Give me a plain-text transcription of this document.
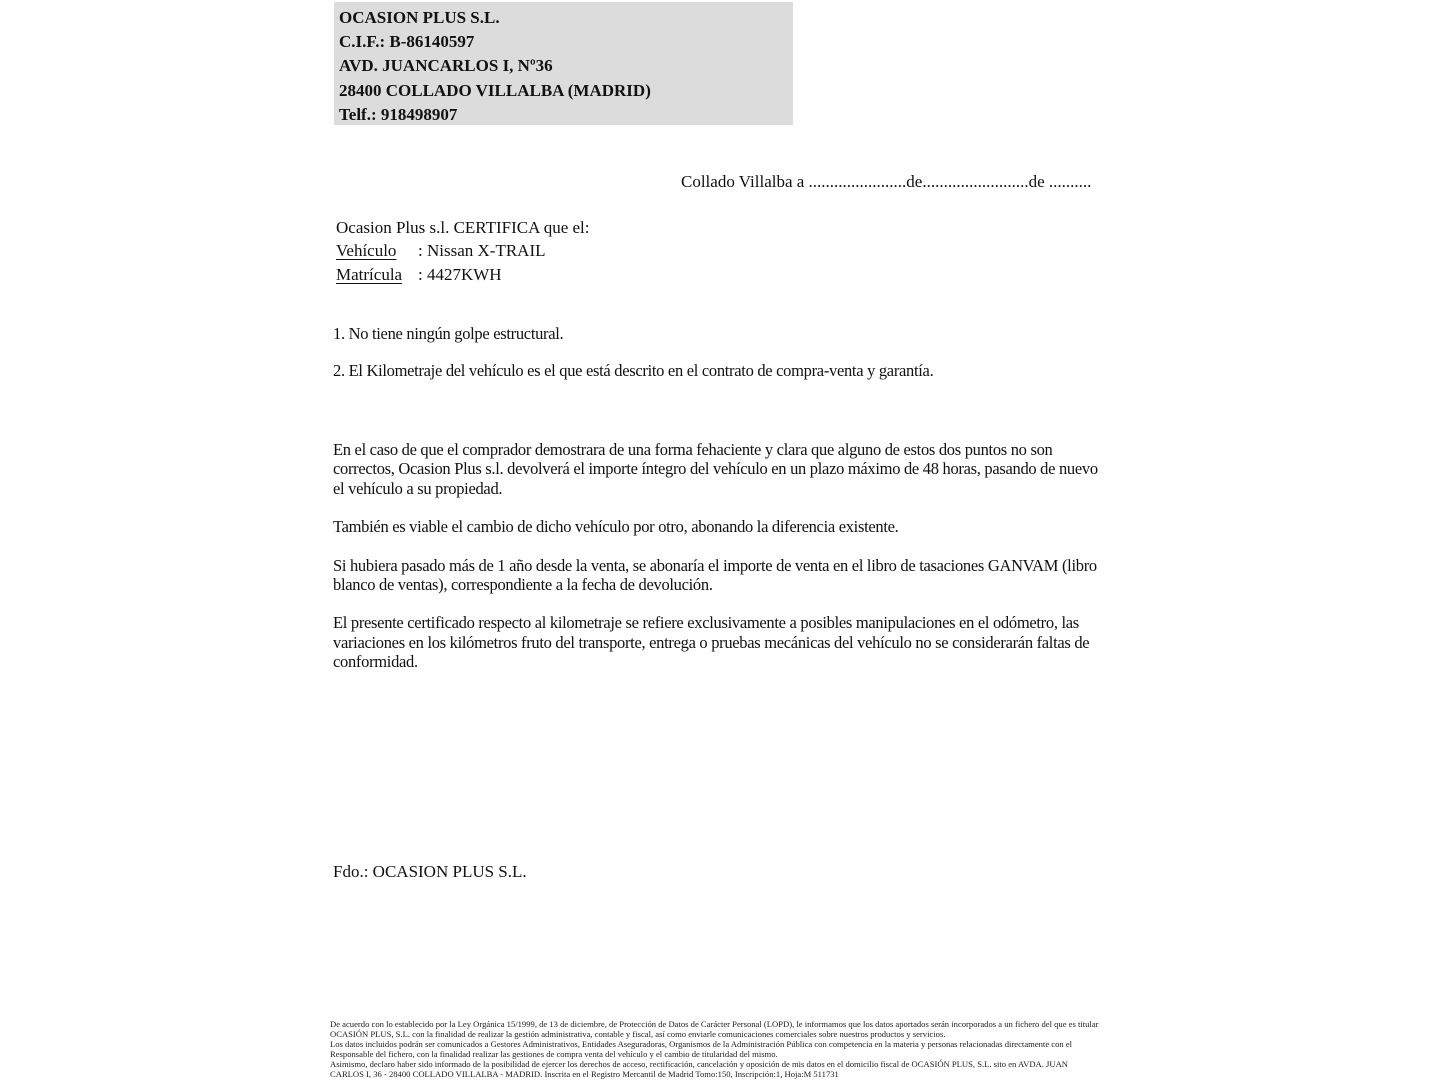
OCASION PLUS S.L.
C.I.F.: B-86140597
AVD. JUANCARLOS I, Nº36
28400 COLLADO VILLALBA (MADRID)
Telf.: 918498907
Collado Villalba a .......................de.........................de ..........
Ocasion Plus s.l. CERTIFICA que el:
Vehículo : Nissan X-TRAIL
Matrícula : 4427KWH

1. No tiene ningún golpe estructural.

2. El Kilometraje del vehículo es el que está descrito en el contrato de compra-venta y garantía.

En el caso de que el comprador demostrara de una forma fehaciente y clara que alguno de estos dos puntos no son correctos, Ocasion Plus s.l. devolverá el importe íntegro del vehículo en un plazo máximo de 48 horas, pasando de nuevo el vehículo a su propiedad.

También es viable el cambio de dicho vehículo por otro, abonando la diferencia existente.

Si hubiera pasado más de 1 año desde la venta, se abonaría el importe de venta en el libro de tasaciones GANVAM (libro blanco de ventas), correspondiente a la fecha de devolución.

El presente certificado respecto al kilometraje se refiere exclusivamente a posibles manipulaciones en el odómetro, las variaciones en los kilómetros fruto del transporte, entrega o pruebas mecánicas del vehículo no se considerarán faltas de conformidad.

Fdo.: OCASION PLUS S.L.
De acuerdo con lo establecido por la Ley Orgánica 15/1999, de 13 de diciembre, de Protección de Datos de Carácter Personal (LOPD), le informamos que los datos aportados serán incorporados a un fichero del que es titular
OCASIÓN PLUS, S.L. con la finalidad de realizar la gestión administrativa, contable y fiscal, así como enviarle comunicaciones comerciales sobre nuestros productos y servicios.
Los datos incluidos podrán ser comunicados a Gestores Administrativos, Entidades Aseguradoras, Organismos de la Administración Pública con competencia en la materia y personas relacionadas directamente con el
Responsable del fichero, con la finalidad realizar las gestiones de compra venta del vehículo y el cambio de titularidad del mismo.
Asimismo, declaro haber sido informado de la posibilidad de ejercer los derechos de acceso, rectificación, cancelación y oposición de mis datos en el domicilio fiscal de OCASIÓN PLUS, S.L. sito en AVDA. JUAN
CARLOS I, 36 - 28400 COLLADO VILLALBA - MADRID. Inscrita en el Registro Mercantil de Madrid Tomo:150, Inscripción:1, Hoja:M 511731
